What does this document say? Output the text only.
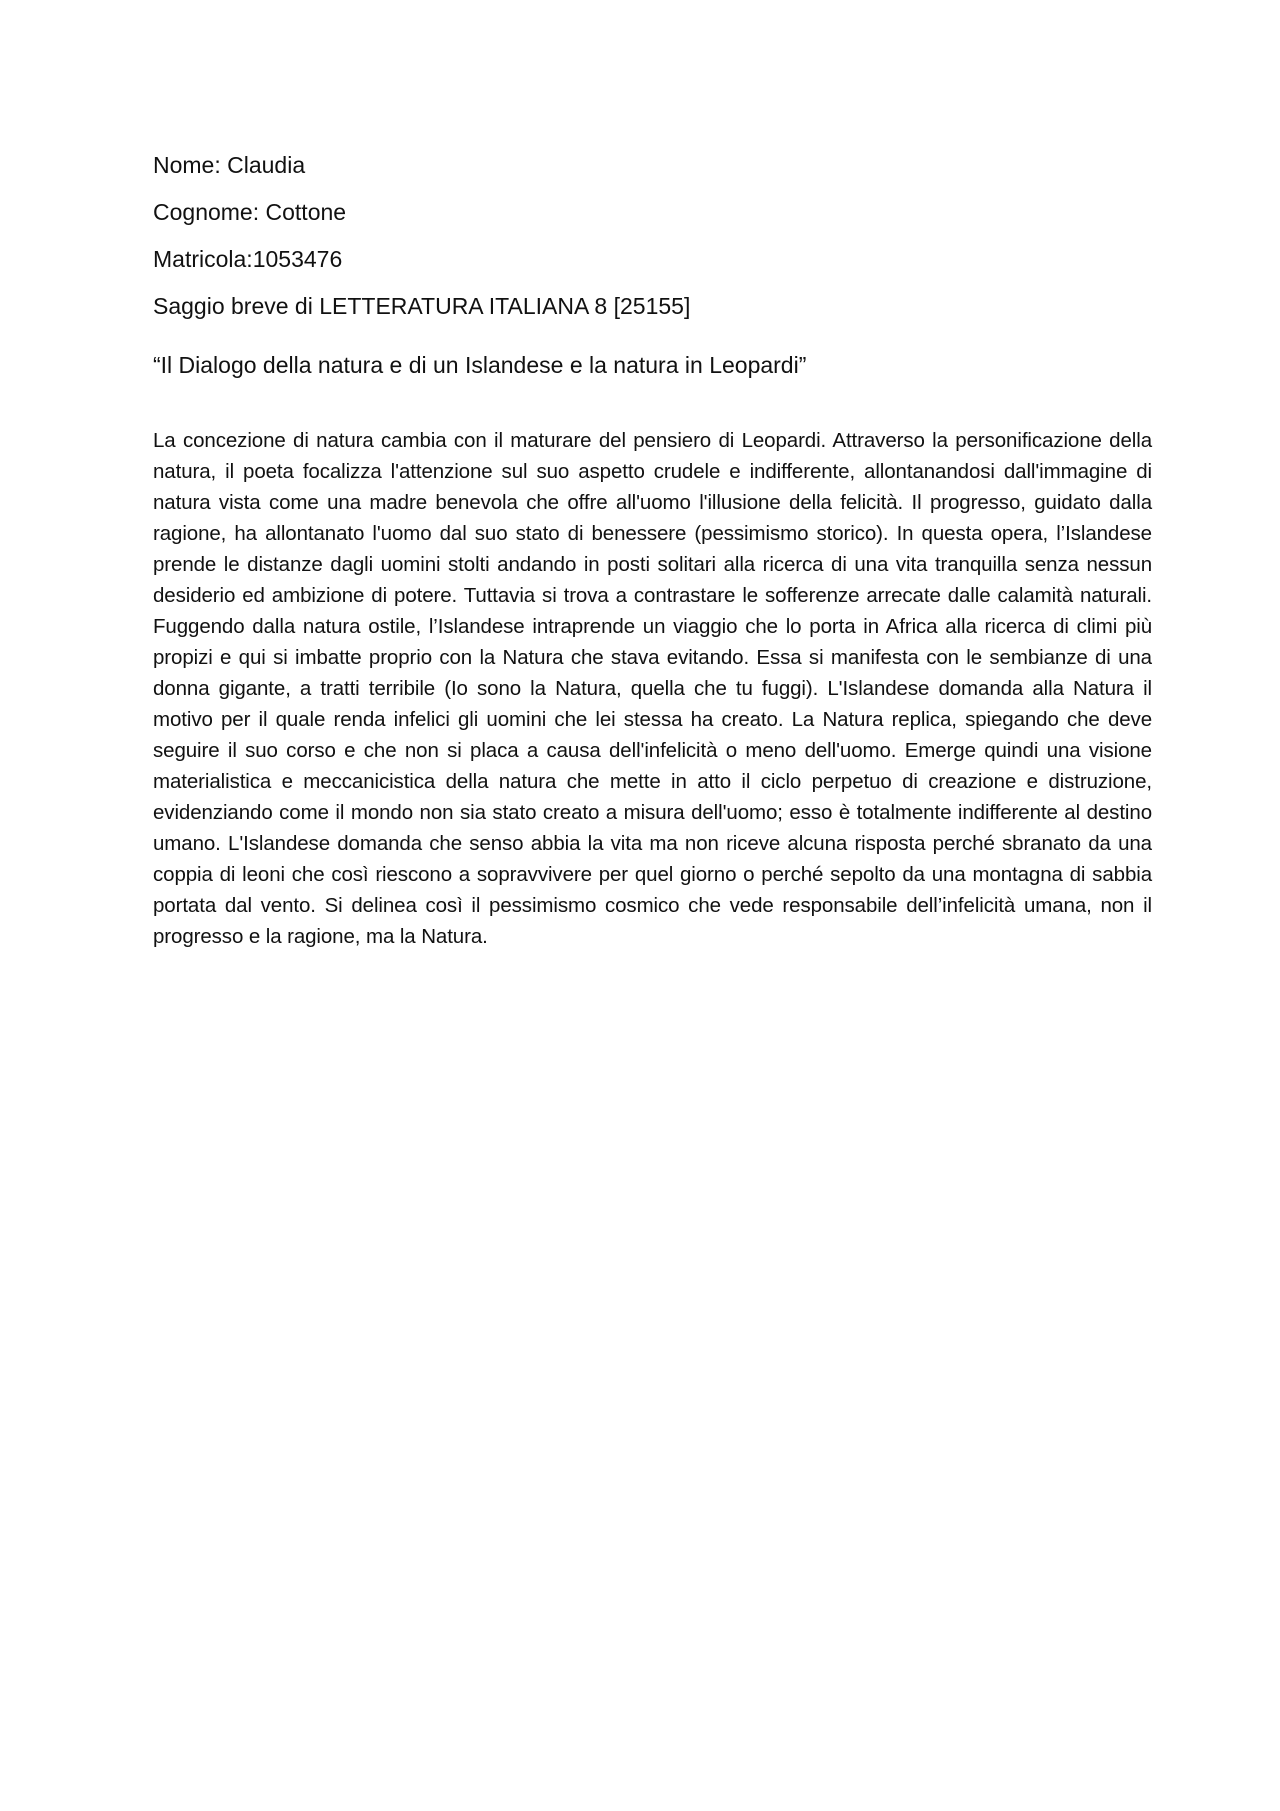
Nome: Claudia

Cognome: Cottone

Matricola:1053476

Saggio breve di LETTERATURA ITALIANA 8 [25155]

“Il Dialogo della natura e di un Islandese e la natura in Leopardi”

La concezione di natura cambia con il maturare del pensiero di Leopardi. Attraverso la personificazione della natura, il poeta focalizza l'attenzione sul suo aspetto crudele e indifferente, allontanandosi dall'immagine di natura vista come una madre benevola che offre all'uomo l'illusione della felicità. Il progresso, guidato dalla ragione, ha allontanato l'uomo dal suo stato di benessere (pessimismo storico). In questa opera, l’Islandese prende le distanze dagli uomini stolti andando in posti solitari alla ricerca di una vita tranquilla senza nessun desiderio ed ambizione di potere. Tuttavia si trova a contrastare le sofferenze arrecate dalle calamità naturali. Fuggendo dalla natura ostile, l’Islandese intraprende un viaggio che lo porta in Africa alla ricerca di climi più propizi e qui si imbatte proprio con la Natura che stava evitando. Essa si manifesta con le sembianze di una donna gigante, a tratti terribile (Io sono la Natura, quella che tu fuggi). L'Islandese domanda alla Natura il motivo per il quale renda infelici gli uomini che lei stessa ha creato. La Natura replica, spiegando che deve seguire il suo corso e che non si placa a causa dell'infelicità o meno dell'uomo. Emerge quindi una visione materialistica e meccanicistica della natura che mette in atto il ciclo perpetuo di creazione e distruzione, evidenziando come il mondo non sia stato creato a misura dell'uomo; esso è totalmente indifferente al destino umano. L'Islandese domanda che senso abbia la vita ma non riceve alcuna risposta perché sbranato da una coppia di leoni che così riescono a sopravvivere per quel giorno o perché sepolto da una montagna di sabbia portata dal vento. Si delinea così il pessimismo cosmico che vede responsabile dell’infelicità umana, non il progresso e la ragione, ma la Natura.
